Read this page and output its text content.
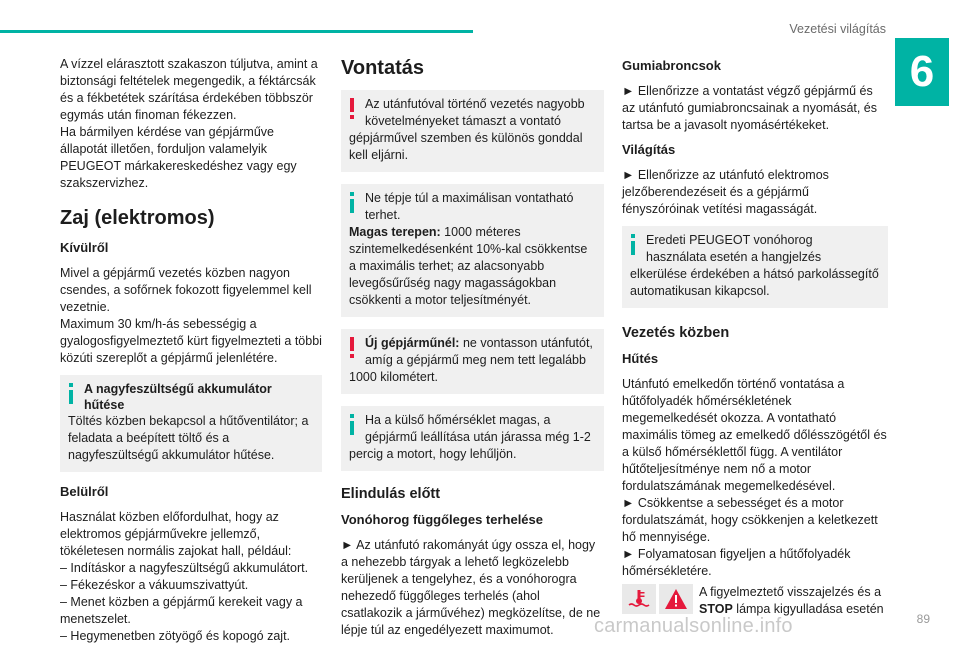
Vezetési világítás
6

A vízzel elárasztott szakaszon túljutva, amint a biztonsági feltételek megengedik, a féktárcsák és a fékbetétek szárítása érdekében többször egymás után finoman fékezzen.
Ha bármilyen kérdése van gépjárműve állapotát illetően, forduljon valamelyik PEUGEOT márkakereskedéshez vagy egy szakszervizhez.

Zaj (elektromos)
Kívülről

Mivel a gépjármű vezetés közben nagyon csendes, a sofőrnek fokozott figyelemmel kell vezetnie.
Maximum 30 km/h-ás sebességig a gyalogosfigyelmeztető kürt figyelmezteti a többi közúti szereplőt a gépjármű jelenlétére.

A nagyfeszültségű akkumulátor hűtése
Töltés közben bekapcsol a hűtőventilátor; a feladata a beépített töltő és a nagyfeszültségű akkumulátor hűtése.
Belülről

Használat közben előfordulhat, hogy az elektromos gépjárművekre jellemző, tökéletesen normális zajokat hall, például:
– Indításkor a nagyfeszültségű akkumulátort.
– Fékezéskor a vákuumszivattyút.
– Menet közben a gépjármű kerekeit vagy a menetszelet.
– Hegymenetben zötyögő és kopogó zajt.

Vontatás
Az utánfutóval történő vezetés nagyobb
követelményeket támaszt a vontató gépjárművel szemben és különös gonddal kell eljárni.
Ne tépje túl a maximálisan vontatható
terhet.
Magas terepen: 1000 méteres szintemelkedésenként 10%-kal csökkentse a maximális terhet; az alacsonyabb levegősűrűség nagy magasságokban csökkenti a motor teljesítményét.
Új gépjárműnél: ne vontasson utánfutót,
amíg a gépjármű meg nem tett legalább 1000 kilométert.
Ha a külső hőmérséklet magas, a
gépjármű leállítása után járassa még 1-2 percig a motort, hogy lehűljön.
Elindulás előtt
Vonóhorog függőleges terhelése

► Az utánfutó rakományát úgy ossza el, hogy a nehezebb tárgyak a lehető legközelebb kerüljenek a tengelyhez, és a vonóhorogra nehezedő függőleges terhelés (ahol csatlakozik a járművéhez) megközelítse, de ne lépje túl az engedélyezett maximumot.

Gumiabroncsok

► Ellenőrizze a vontatást végző gépjármű és az utánfutó gumiabroncsainak a nyomását, és tartsa be a javasolt nyomásértékeket.

Világítás

► Ellenőrizze az utánfutó elektromos jelzőberendezéseit és a gépjármű fényszóróinak vetítési magasságát.

Eredeti PEUGEOT vonóhorog
használata esetén a hangjelzés elkerülése érdekében a hátsó parkolássegítő automatikusan kikapcsol.
Vezetés közben
Hűtés

Utánfutó emelkedőn történő vontatása a hűtőfolyadék hőmérsékletének megemelkedését okozza. A vontatható maximális tömeg az emelkedő dőlésszögétől és a külső hőmérséklettől függ. A ventilátor hűtőteljesítménye nem nő a motor fordulatszámának megemelkedésével.
► Csökkentse a sebességet és a motor fordulatszámát, hogy csökkenjen a keletkezett hő mennyisége.
► Folyamatosan figyeljen a hűtőfolyadék hőmérsékletére.

A figyelmeztető visszajelzés és a STOP lámpa kigyulladása esetén
carmanualsonline.info	89
